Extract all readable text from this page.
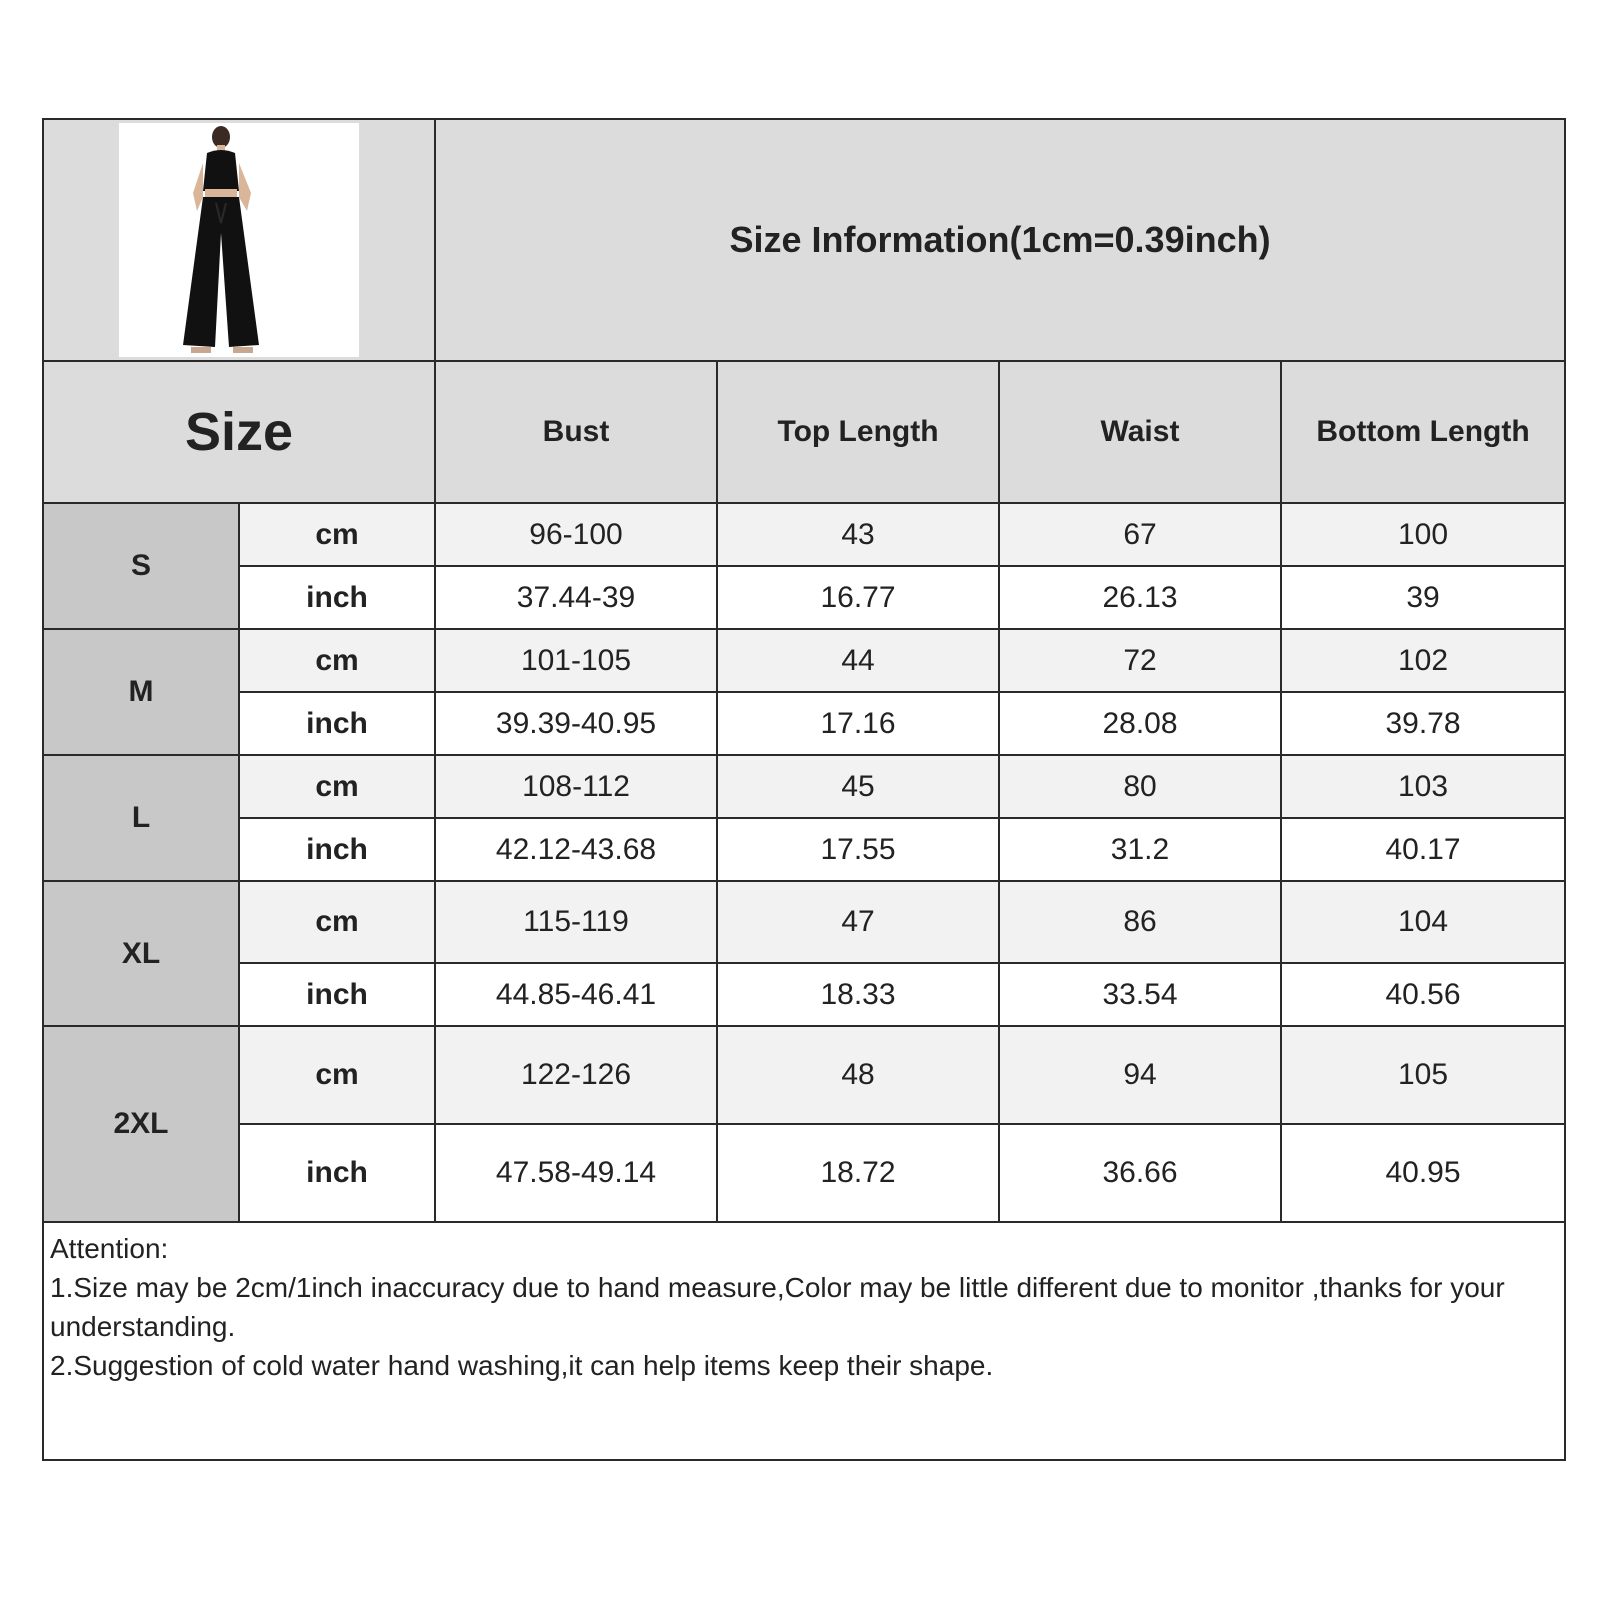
	Size Information(1cm=0.39inch)			
Size		Bust	Top Length	Waist	Bottom Length
S	cm	96-100	43	67	100
	inch	37.44-39	16.77	26.13	39
M	cm	101-105	44	72	102
	inch	39.39-40.95	17.16	28.08	39.78
L	cm	108-112	45	80	103
	inch	42.12-43.68	17.55	31.2	40.17
XL	cm	115-119	47	86	104
	inch	44.85-46.41	18.33	33.54	40.56
2XL	cm	122-126	48	94	105
	inch	47.58-49.14	18.72	36.66	40.95

Attention:
1.Size may be 2cm/1inch inaccuracy due to hand measure,Color may be little different due to monitor ,thanks for your understanding.
2.Suggestion of cold water hand washing,it can help items keep their shape.					
